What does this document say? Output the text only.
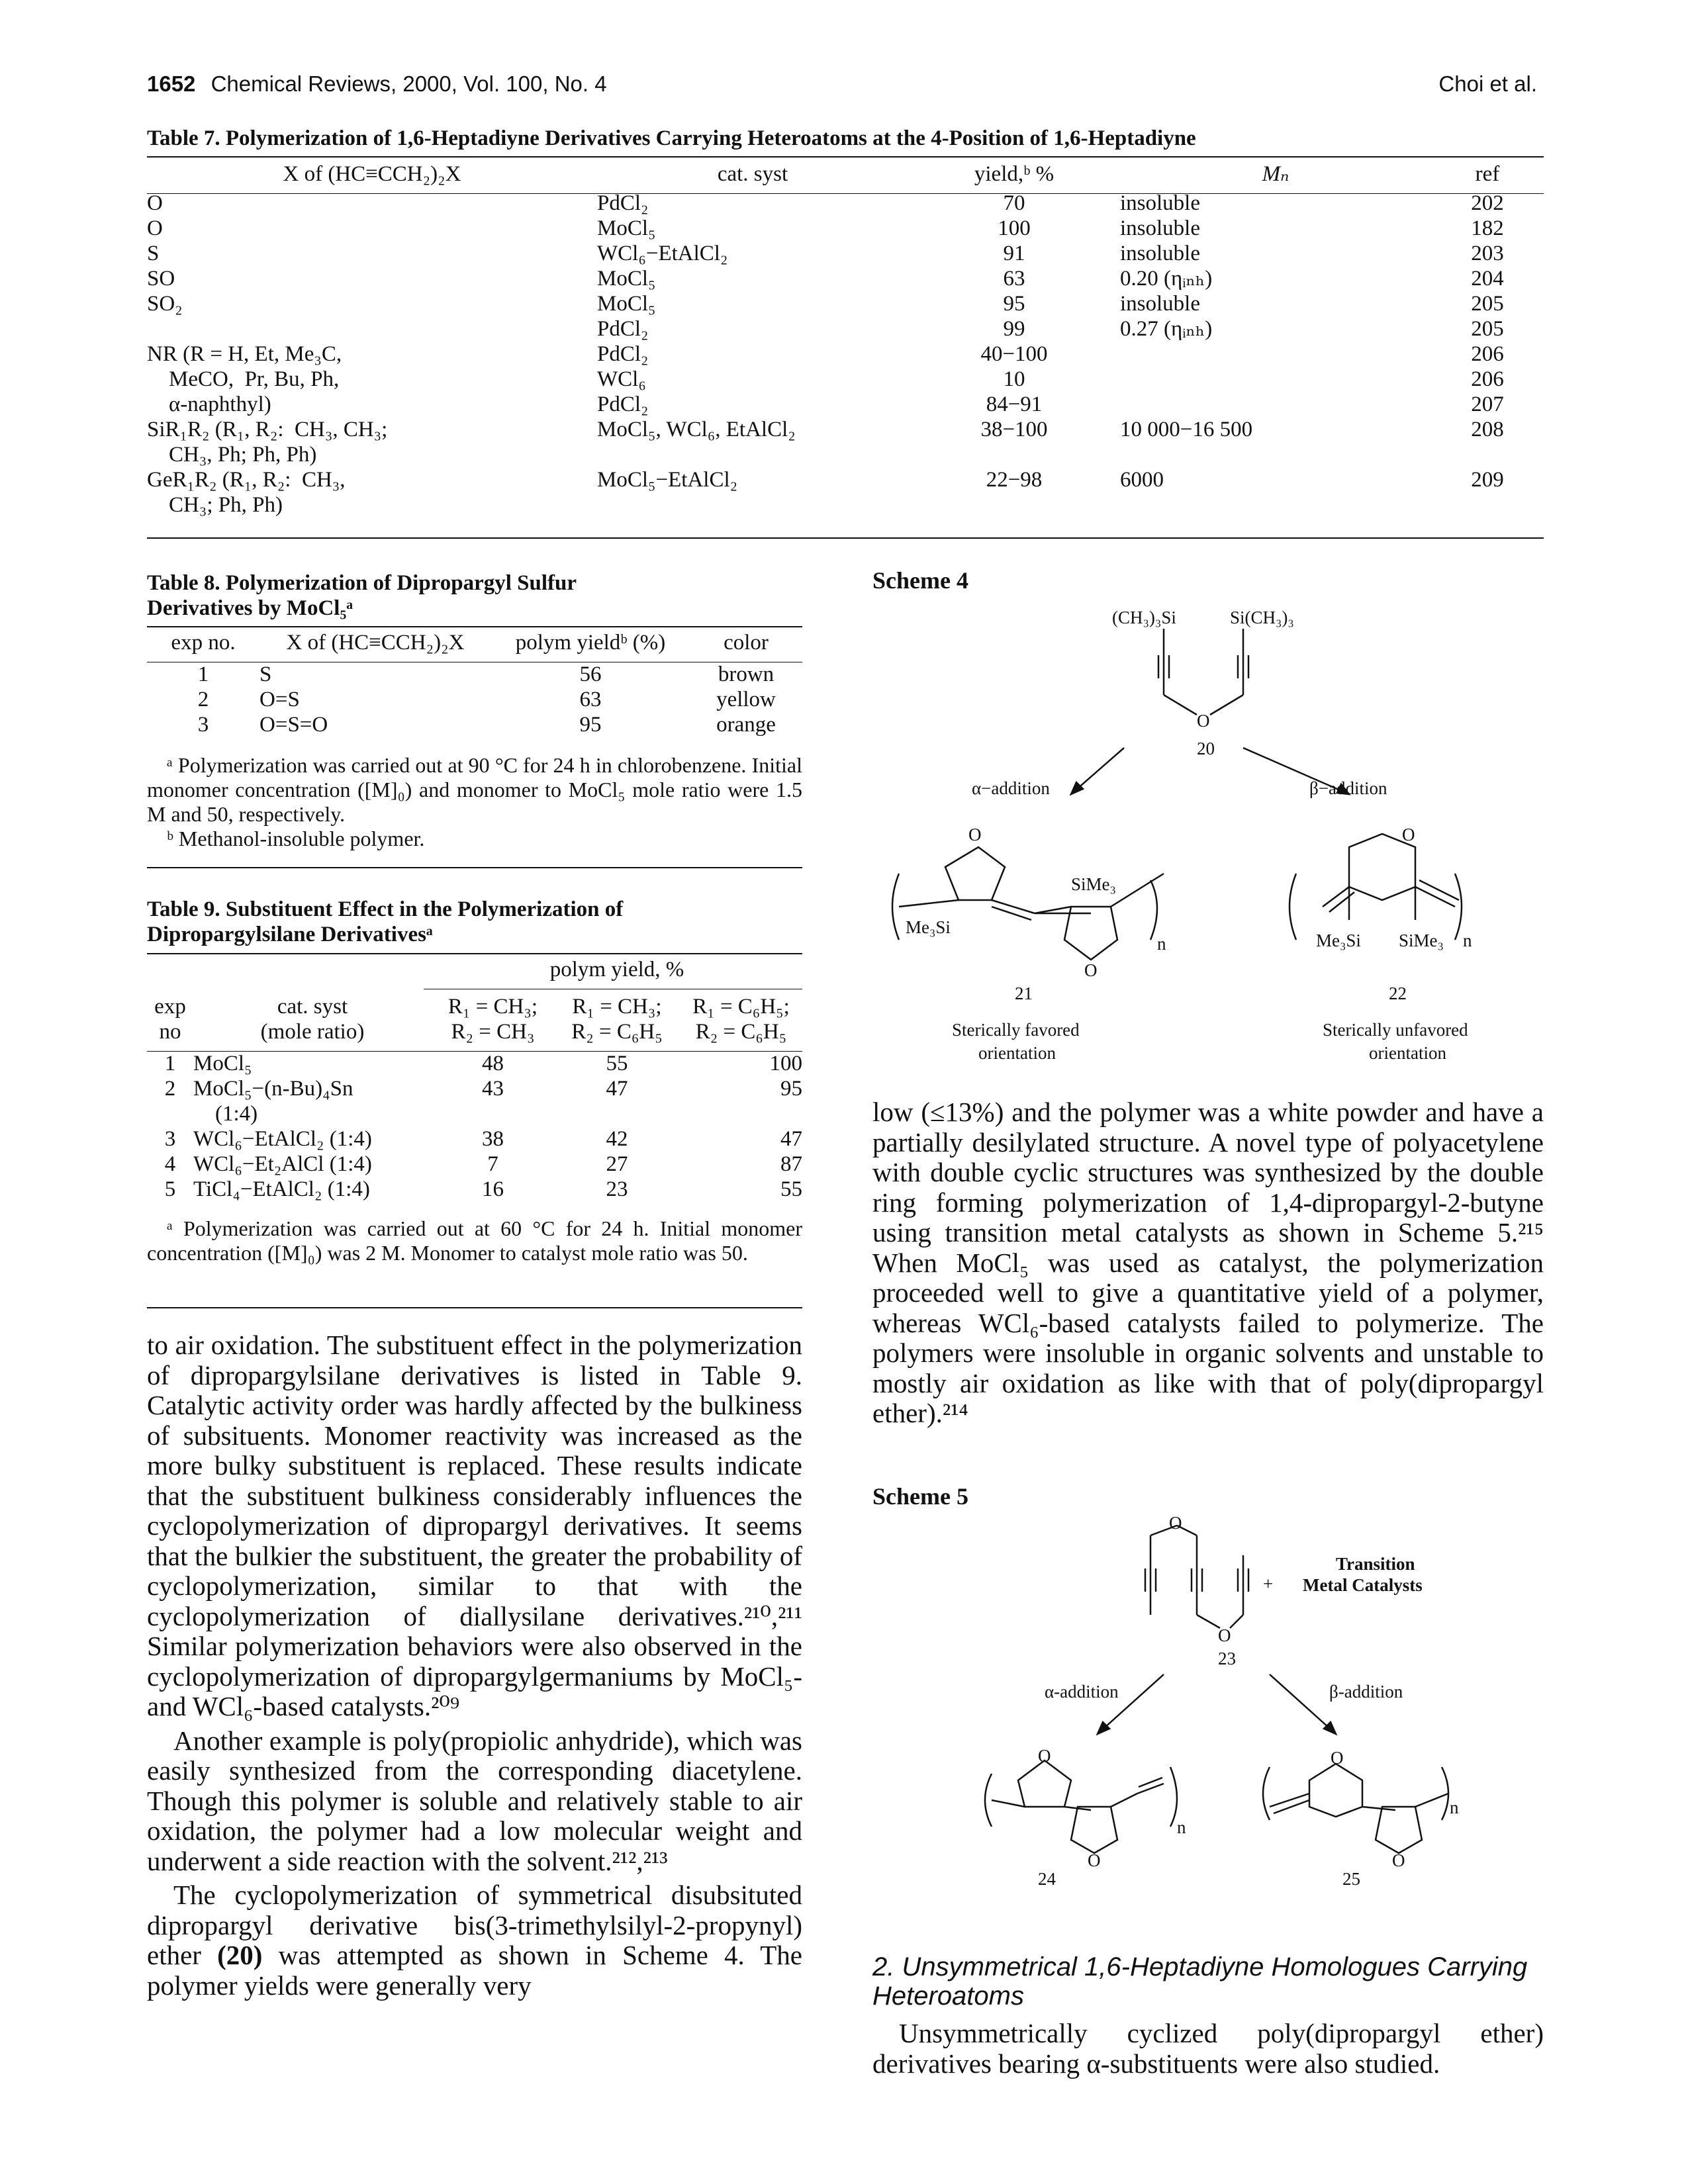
1652 Chemical Reviews, 2000, Vol. 100, No. 4	Choi et al.
Table 7. Polymerization of 1,6-Heptadiyne Derivatives Carrying Heteroatoms at the 4-Position of 1,6-Heptadiyne
X of (HC≡CCH₂)₂X	cat. syst	yield,ᵇ %	Mₙ	ref

O	PdCl₂	70	insoluble	202
O	MoCl₅	100	insoluble	182
S	WCl₆−EtAlCl₂	91	insoluble	203
SO	MoCl₅	63	0.20 (ηᵢₙₕ)	204
SO₂	MoCl₅	95	insoluble	205
	PdCl₂	99	0.27 (ηᵢₙₕ)	205
NR (R = H, Et, Me₃C,	PdCl₂	40−100		206
MeCO,  Pr, Bu, Ph,	WCl₆	10		206
α-naphthyl)	PdCl₂	84−91		207
SiR₁R₂ (R₁, R₂:  CH₃, CH₃;	MoCl₅, WCl₆, EtAlCl₂	38−100	10 000−16 500	208
CH₃, Ph; Ph, Ph)				
GeR₁R₂ (R₁, R₂:  CH₃,	MoCl₅−EtAlCl₂	22−98	6000	209
CH₃; Ph, Ph)				
Table 8. Polymerization of Dipropargyl Sulfur
Derivatives by MoCl₅ᵃ
exp no.	X of (HC≡CCH₂)₂X	polym yieldᵇ (%)	color

1	S	56	brown
2	O=S	63	yellow
3	O=S=O	95	orange
ᵃ Polymerization was carried out at 90 °C for 24 h in chlorobenzene. Initial monomer concentration ([M]₀) and monomer to MoCl₅ mole ratio were 1.5 M and 50, respectively.
ᵇ Methanol-insoluble polymer.
Table 9. Substituent Effect in the Polymerization of
Dipropargylsilane Derivativesᵃ
		polym yield, %
exp	cat. syst	R₁ = CH₃;	R₁ = CH₃;	R₁ = C₆H₅;
no	(mole ratio)	R₂ = CH₃	R₂ = C₆H₅	R₂ = C₆H₅

1	MoCl₅	48	55	100
2	MoCl₅−(n-Bu)₄Sn	43	47	95
	(1:4)			
3	WCl₆−EtAlCl₂ (1:4)	38	42	47
4	WCl₆−Et₂AlCl (1:4)	7	27	87
5	TiCl₄−EtAlCl₂ (1:4)	16	23	55
ᵃ Polymerization was carried out at 60 °C for 24 h. Initial monomer concentration ([M]₀) was 2 M. Monomer to catalyst mole ratio was 50.

to air oxidation. The substituent effect in the polymerization of dipropargylsilane derivatives is listed in Table 9. Catalytic activity order was hardly affected by the bulkiness of subsituents. Monomer reactivity was increased as the more bulky substituent is replaced. These results indicate that the substituent bulkiness considerably influences the cyclopolymerization of dipropargyl derivatives. It seems that the bulkier the substituent, the greater the probability of cyclopolymerization, similar to that with the cyclopolymerization of diallysilane derivatives.²¹⁰,²¹¹ Similar polymerization behaviors were also observed in the cyclopolymerization of dipropargylgermaniums by MoCl₅- and WCl₆-based catalysts.²⁰⁹

Another example is poly(propiolic anhydride), which was easily synthesized from the corresponding diacetylene. Though this polymer is soluble and relatively stable to air oxidation, the polymer had a low molecular weight and underwent a side reaction with the solvent.²¹²,²¹³

The cyclopolymerization of symmetrical disubsituted dipropargyl derivative bis(3-trimethylsilyl-2-propynyl) ether (20) was attempted as shown in Scheme 4. The polymer yields were generally very

Scheme 4
(CH₃)₃Si	Si(CH₃)₃
O
20
α−addition	β−addition
O	O
SiMe₃
Me₃Si
O
n	Me₃Si SiMe₃ n
21	22
Sterically favored
orientation
Sterically unfavored
orientation

low (≤13%) and the polymer was a white powder and have a partially desilylated structure. A novel type of polyacetylene with double cyclic structures was synthesized by the double ring forming polymerization of 1,4-dipropargyl-2-butyne using transition metal catalysts as shown in Scheme 5.²¹⁵ When MoCl₅ was used as catalyst, the polymerization proceeded well to give a quantitative yield of a polymer, whereas WCl₆-based catalysts failed to polymerize. The polymers were insoluble in organic solvents and unstable to mostly air oxidation as like with that of poly(dipropargyl ether).²¹⁴

Scheme 5
O
O
+
Transition
Metal Catalysts
23
α-addition	β-addition
O
O
n
O
O
n
24	25
2. Unsymmetrical 1,6-Heptadiyne Homologues Carrying
Heteroatoms

Unsymmetrically cyclized poly(dipropargyl ether) derivatives bearing α-substituents were also studied.
